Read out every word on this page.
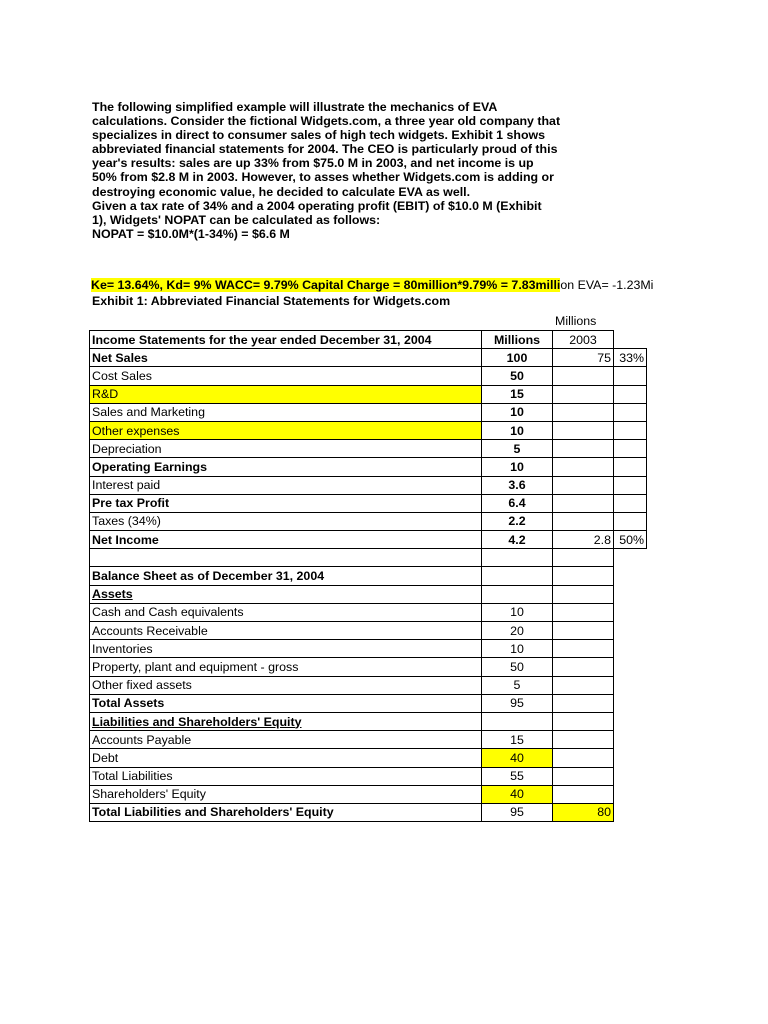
The following simplified example will illustrate the mechanics of EVA
calculations. Consider the fictional Widgets.com, a three year old company that
specializes in direct to consumer sales of high tech widgets. Exhibit 1 shows
abbreviated financial statements for 2004. The CEO is particularly proud of this
year's results: sales are up 33% from $75.0 M in 2003, and net income is up
50% from $2.8 M in 2003. However, to asses whether Widgets.com is adding or
destroying economic value, he decided to calculate EVA as well.
Given a tax rate of 34% and a 2004 operating profit (EBIT) of $10.0 M (Exhibit
1), Widgets' NOPAT can be calculated as follows:
NOPAT = $10.0M*(1-34%) = $6.6 M
Ke= 13.64%, Kd= 9% WACC= 9.79% Capital Charge = 80million*9.79% = 7.83million EVA= -1.23Mi
Exhibit 1: Abbreviated Financial Statements for Widgets.com
Millions
Income Statements for the year ended December 31, 2004	Millions	2003	
Net Sales	100	75	33%
Cost Sales	50		
R&D	15		
Sales and Marketing	10		
Other expenses	10		
Depreciation	5		
Operating Earnings	10		
Interest paid	3.6		
Pre tax Profit	6.4		
Taxes (34%)	2.2		
Net Income	4.2	2.8	50%

Balance Sheet as of December 31, 2004			
Assets			
Cash and Cash equivalents	10		
Accounts Receivable	20		
Inventories	10		
Property, plant and equipment - gross	50		
Other fixed assets	5		
Total Assets	95		
Liabilities and Shareholders' Equity			
Accounts Payable	15		
Debt	40		
Total Liabilities	55		
Shareholders' Equity	40		
Total Liabilities and Shareholders' Equity	95	80	
